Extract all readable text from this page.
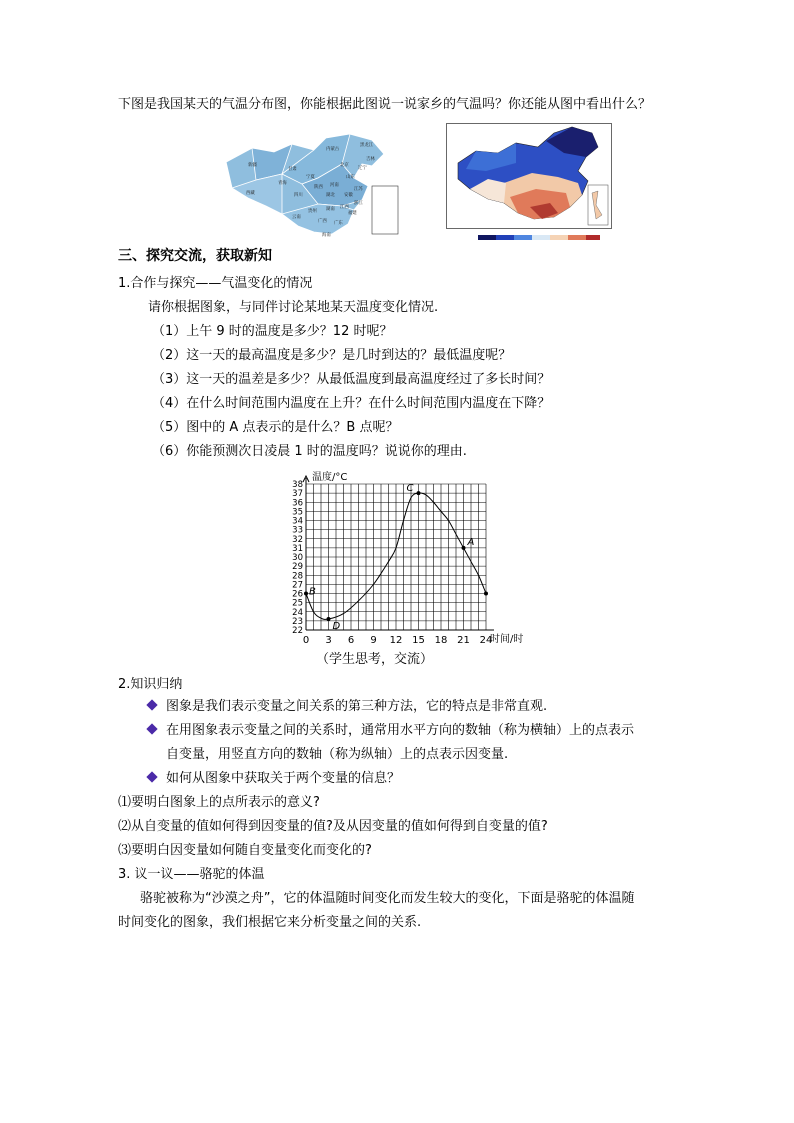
下图是我国某天的气温分布图，你能根据此图说一说家乡的气温吗？你还能从图中看出什么？
黑龙江
吉林
辽宁
内蒙古
新疆
甘肃
青海
西藏	四川
云南
广西 广东
湖南
湖北
河南
山东
江苏
浙江
福建
江西
安徽
贵州
陕西
宁夏
北京
海南
三、探究交流，获取新知
1.合作与探究——气温变化的情况
请你根据图象，与同伴讨论某地某天温度变化情况.
（1）上午 9 时的温度是多少？12 时呢？
（2）这一天的最高温度是多少？是几时到达的？最低温度呢？
（3）这一天的温差是多少？从最低温度到最高温度经过了多长时间？
（4）在什么时间范围内温度在上升？在什么时间范围内温度在下降？
（5）图中的 A 点表示的是什么？B 点呢？
（6）你能预测次日凌晨 1 时的温度吗？说说你的理由.
22
23
24
25
26
27
28
29
30
31
32
33
34
35
36
37
38
0 3 6 9 12 15 18 21 24
B
D
C
A
温度/°C
时间/时
（学生思考，交流）
2.知识归纳
图象是我们表示变量之间关系的第三种方法，它的特点是非常直观.
在用图象表示变量之间的关系时，通常用水平方向的数轴（称为横轴）上的点表示
自变量，用竖直方向的数轴（称为纵轴）上的点表示因变量.
如何从图象中获取关于两个变量的信息？
⑴要明白图象上的点所表示的意义?
⑵从自变量的值如何得到因变量的值?及从因变量的值如何得到自变量的值?
⑶要明白因变量如何随自变量变化而变化的?
3. 议一议——骆驼的体温
骆驼被称为“沙漠之舟”，它的体温随时间变化而发生较大的变化，下面是骆驼的体温随
时间变化的图象，我们根据它来分析变量之间的关系.
